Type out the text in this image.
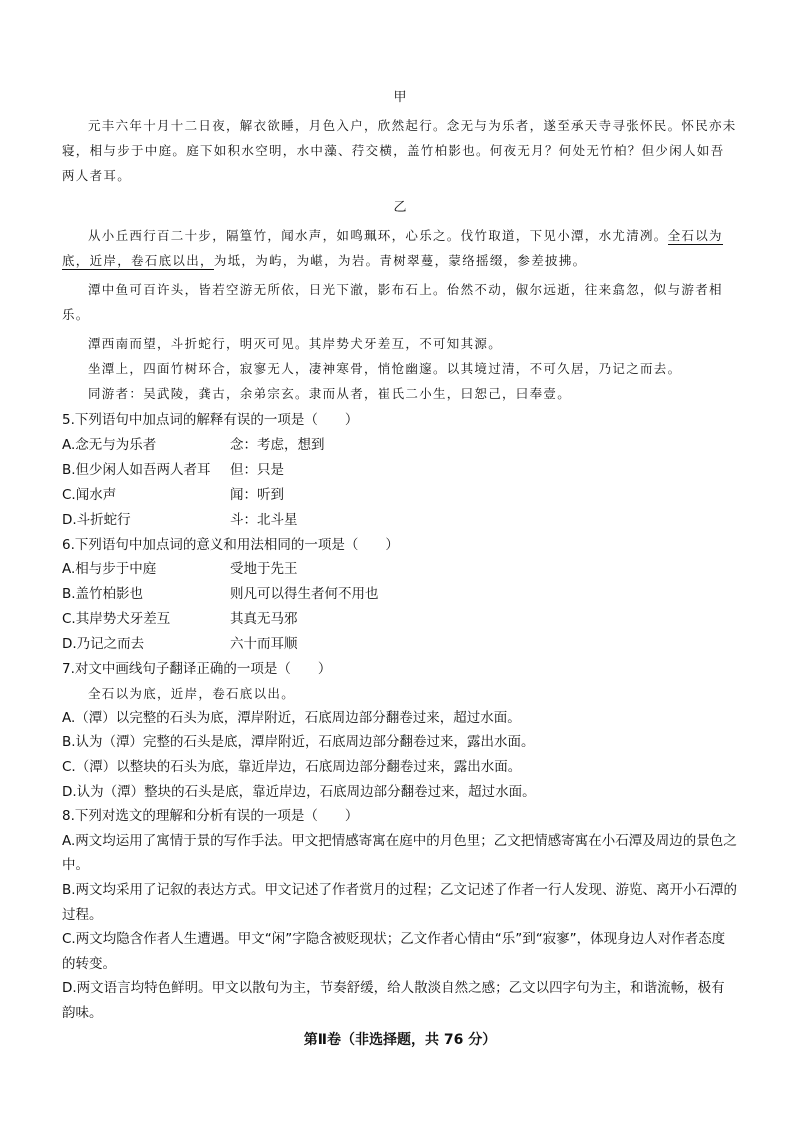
甲

元丰六年十月十二日夜，解衣欲睡，月色入户，欣然起行。念无与为乐者，遂至承天寺寻张怀民。怀民亦未寝，相与步于中庭。庭下如积水空明，水中藻、荇交横，盖竹柏影也。何夜无月？何处无竹柏？但少闲人如吾两人者耳。

乙

从小丘西行百二十步，隔篁竹，闻水声，如鸣珮环，心乐之。伐竹取道，下见小潭，水尤清冽。全石以为底，近岸，卷石底以出，为坻，为屿，为嵁，为岩。青树翠蔓，蒙络摇缀，参差披拂。

潭中鱼可百许头，皆若空游无所依，日光下澈，影布石上。佁然不动，俶尔远逝，往来翕忽，似与游者相乐。

潭西南而望，斗折蛇行，明灭可见。其岸势犬牙差互，不可知其源。

坐潭上，四面竹树环合，寂寥无人，凄神寒骨，悄怆幽邃。以其境过清，不可久居，乃记之而去。

同游者：吴武陵，龚古，余弟宗玄。隶而从者，崔氏二小生，曰恕己，曰奉壹。

5.下列语句中加点词的解释有误的一项是（　　）

A.念无与为乐者	念：考虑，想到
B.但少闲人如吾两人者耳	但：只是
C.闻水声	闻：听到
D.斗折蛇行	斗：北斗星

6.下列语句中加点词的意义和用法相同的一项是（　　）

A.相与步于中庭	受地于先王
B.盖竹柏影也	则凡可以得生者何不用也
C.其岸势犬牙差互	其真无马邪
D.乃记之而去	六十而耳顺

7.对文中画线句子翻译正确的一项是（　　）

全石以为底，近岸，卷石底以出。

A.（潭）以完整的石头为底，潭岸附近，石底周边部分翻卷过来，超过水面。

B.认为（潭）完整的石头是底，潭岸附近，石底周边部分翻卷过来，露出水面。

C.（潭）以整块的石头为底，靠近岸边，石底周边部分翻卷过来，露出水面。

D.认为（潭）整块的石头是底，靠近岸边，石底周边部分翻卷过来，超过水面。

8.下列对选文的理解和分析有误的一项是（　　）

A.两文均运用了寓情于景的写作手法。甲文把情感寄寓在庭中的月色里；乙文把情感寄寓在小石潭及周边的景色之中。

B.两文均采用了记叙的表达方式。甲文记述了作者赏月的过程；乙文记述了作者一行人发现、游览、离开小石潭的过程。

C.两文均隐含作者人生遭遇。甲文“闲”字隐含被贬现状；乙文作者心情由“乐”到“寂寥”，体现身边人对作者态度的转变。

D.两文语言均特色鲜明。甲文以散句为主，节奏舒缓，给人散淡自然之感；乙文以四字句为主，和谐流畅，极有韵味。

第Ⅱ卷（非选择题，共 76 分）
